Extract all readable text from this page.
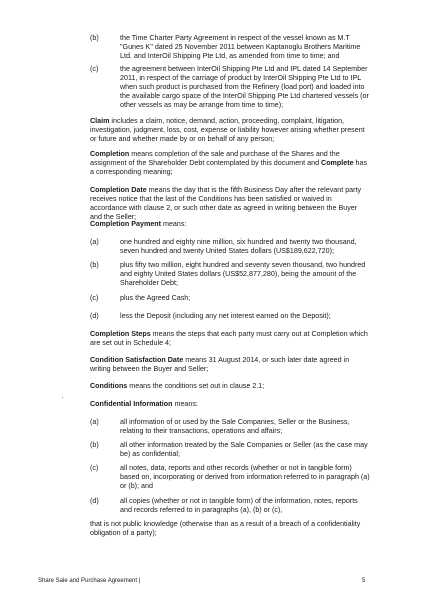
Share Sale and Purchase Agreement |	5

(b)	the Time Charter Party Agreement in respect of the vessel known as M.T "Gunes K" dated 25 November 2011 between Kaptanoglu Brothers Maritime Ltd. and InterOil Shipping Pte Ltd, as amended from time to time; and

(c)	the agreement between InterOil Shipping Pte Ltd and IPL dated 14 September 2011, in respect of the carriage of product by InterOil Shipping Pte Ltd to IPL when such product is purchased from the Refinery (load port) and loaded into the available cargo space of the InterOil Shipping Pte Ltd chartered vessels (or other vessels as may be arrange from time to time);

Claim includes a claim, notice, demand, action, proceeding, complaint, litigation, investigation, judgment, loss, cost, expense or liability however arising whether present or future and whether made by or on behalf of any person;

Completion means completion of the sale and purchase of the Shares and the assignment of the Shareholder Debt contemplated by this document and Complete has a corresponding meaning;

Completion Date means the day that is the fifth Business Day after the relevant party receives notice that the last of the Conditions has been satisfied or waived in accordance with clause 2, or such other date as agreed in writing between the Buyer and the Seller;

Completion Payment means:

(a)	one hundred and eighty nine million, six hundred and twenty two thousand, seven hundred and twenty United States dollars (US$189,622,720);

(b)	plus fifty two million, eight hundred and seventy seven thousand, two hundred and eighty United States dollars (US$52,877,280), being the amount of the Shareholder Debt;

(c)	plus the Agreed Cash;

(d)	less the Deposit (including any net interest earned on the Deposit);

Completion Steps means the steps that each party must carry out at Completion which are set out in Schedule 4;

Condition Satisfaction Date means 31 August 2014, or such later date agreed in writing between the Buyer and Seller;

Conditions means the conditions set out in clause 2.1;

Confidential Information means:

(a)	all information of or used by the Sale Companies, Seller or the Business, relating to their transactions, operations and affairs;

(b)	all other information treated by the Sale Companies or Seller (as the case may be) as confidential;

(c)	all notes, data, reports and other records (whether or not in tangible form) based on, incorporating or derived from information referred to in paragraph (a) or (b); and

(d)	all copies (whether or not in tangible form) of the information, notes, reports and records referred to in paragraphs (a), (b) or (c),

that is not public knowledge (otherwise than as a result of a breach of a confidentiality obligation of a party);
